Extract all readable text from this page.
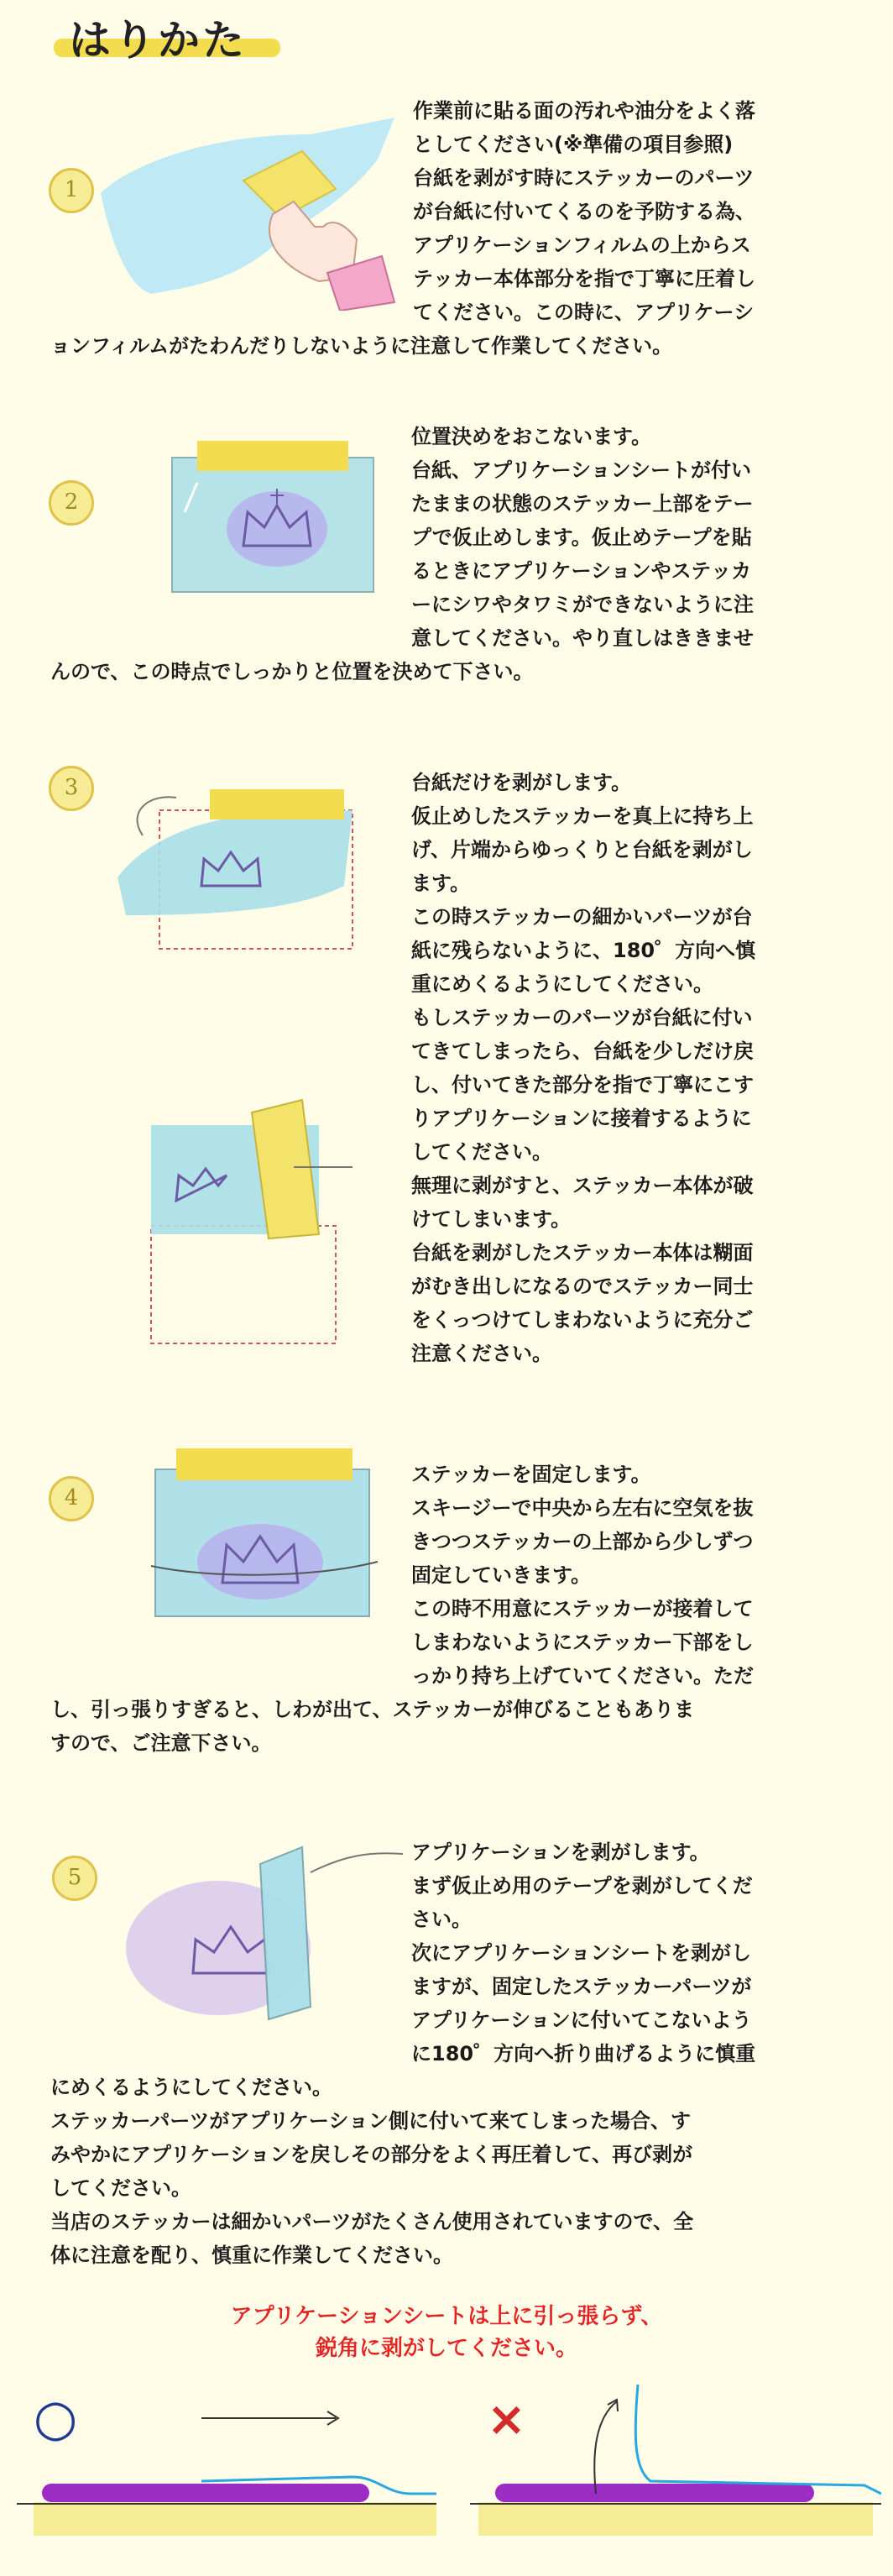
はりかた
1
作業前に貼る面の汚れや油分をよく落
としてください(※準備の項目参照)
台紙を剥がす時にステッカーのパーツ
が台紙に付いてくるのを予防する為、
アプリケーションフィルムの上からス
テッカー本体部分を指で丁寧に圧着し
てください。この時に、アプリケーシ
ョンフィルムがたわんだりしないように注意して作業してください。
2
位置決めをおこないます。
台紙、アプリケーションシートが付い
たままの状態のステッカー上部をテー
プで仮止めします。仮止めテープを貼
るときにアプリケーションやステッカ
ーにシワやタワミができないように注
意してください。やり直しはききませ
んので、この時点でしっかりと位置を決めて下さい。
3	台紙だけを剥がします。
仮止めしたステッカーを真上に持ち上
げ、片端からゆっくりと台紙を剥がし
ます。
この時ステッカーの細かいパーツが台
紙に残らないように、180゜方向へ慎
重にめくるようにしてください。
もしステッカーのパーツが台紙に付い
てきてしまったら、台紙を少しだけ戻
し、付いてきた部分を指で丁寧にこす
りアプリケーションに接着するように
してください。
無理に剥がすと、ステッカー本体が破
けてしまいます。
台紙を剥がしたステッカー本体は糊面
がむき出しになるのでステッカー同士
をくっつけてしまわないように充分ご
注意ください。
4
ステッカーを固定します。
スキージーで中央から左右に空気を抜
きつつステッカーの上部から少しずつ
固定していきます。
この時不用意にステッカーが接着して
しまわないようにステッカー下部をし
っかり持ち上げていてください。ただ
し、引っ張りすぎると、しわが出て、ステッカーが伸びることもありま
すので、ご注意下さい。
5
アプリケーションを剥がします。
まず仮止め用のテープを剥がしてくだ
さい。
次にアプリケーションシートを剥がし
ますが、固定したステッカーパーツが
アプリケーションに付いてこないよう
に180゜方向へ折り曲げるように慎重
にめくるようにしてください。
ステッカーパーツがアプリケーション側に付いて来てしまった場合、す
みやかにアプリケーションを戻しその部分をよく再圧着して、再び剥が
してください。
当店のステッカーは細かいパーツがたくさん使用されていますので、全
体に注意を配り、慎重に作業してください。
アプリケーションシートは上に引っ張らず、
鋭角に剥がしてください。
○	×
